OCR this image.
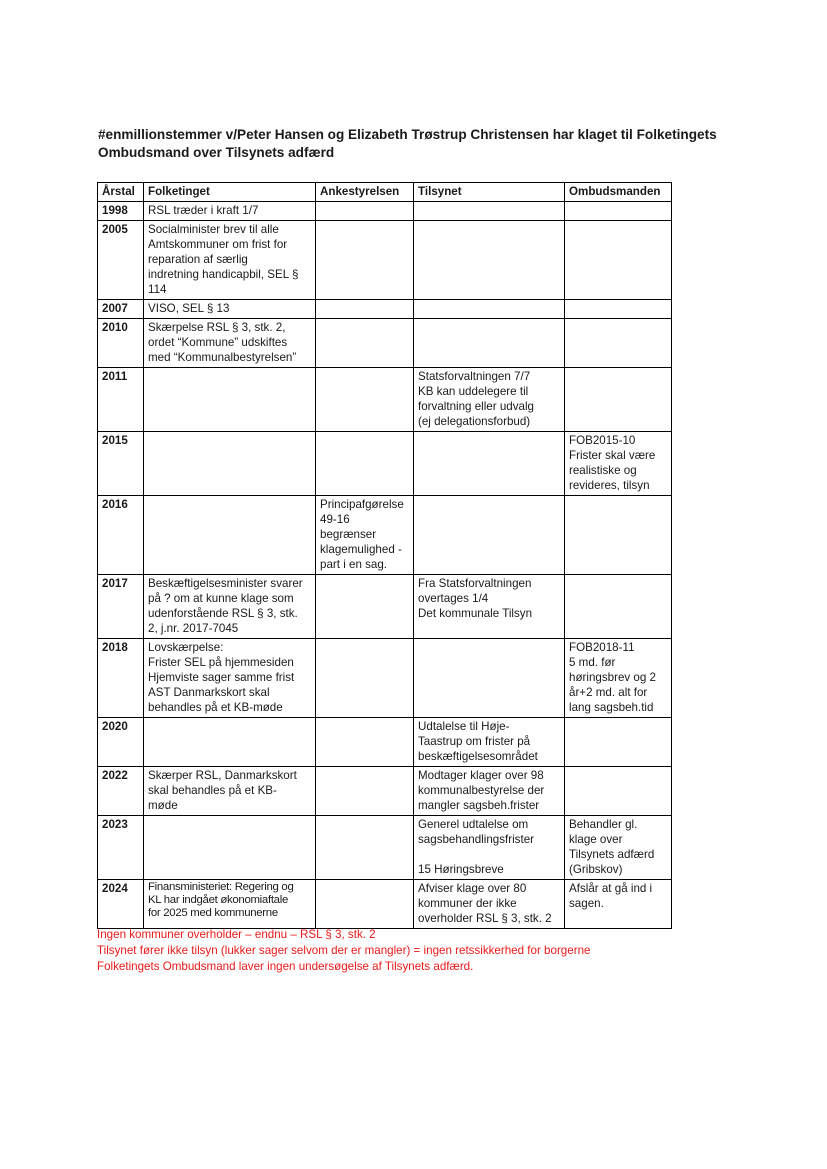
#enmillionstemmer v/Peter Hansen og Elizabeth Trøstrup Christensen har klaget til Folketingets Ombudsmand over Tilsynets adfærd
Årstal	Folketinget	Ankestyrelsen	Tilsynet	Ombudsmanden
1998	RSL træder i kraft 1/7			

2005	Socialminister brev til alle
Amtskommuner om frist for
reparation af særlig
indretning handicapbil, SEL §
114			

2007	VISO, SEL § 13			

2010	Skærpelse RSL § 3, stk. 2,
ordet “Kommune” udskiftes
med “Kommunalbestyrelsen”			

2011			Statsforvaltningen 7/7
KB kan uddelegere til
forvaltning eller udvalg
(ej delegationsforbud)	

2015				FOB2015-10
Frister skal være
realistiske og
revideres, tilsyn

2016		Principafgørelse
49-16
begrænser
klagemulighed -
part i en sag.		

2017	Beskæftigelsesminister svarer
på ? om at kunne klage som
udenforstående RSL § 3, stk.
2, j.nr. 2017-7045		Fra Statsforvaltningen
overtages 1/4
Det kommunale Tilsyn	

2018	Lovskærpelse:
Frister SEL på hjemmesiden
Hjemviste sager samme frist
AST Danmarkskort skal
behandles på et KB-møde			FOB2018-11
5 md. før
høringsbrev og 2
år+2 md. alt for
lang sagsbeh.tid

2020			Udtalelse til Høje-
Taastrup om frister på
beskæftigelsesområdet	

2022	Skærper RSL, Danmarkskort
skal behandles på et KB-
møde		Modtager klager over 98
kommunalbestyrelse der
mangler sagsbeh.frister	

2023			Generel udtalelse om
sagsbehandlingsfrister
15 Høringsbreve	Behandler gl.
klage over
Tilsynets adfærd
(Gribskov)

2024	Finansministeriet: Regering og
KL har indgået økonomiaftale
for 2025 med kommunerne		Afviser klage over 80
kommuner der ikke
overholder RSL § 3, stk. 2	Afslår at gå ind i
sagen.
Ingen kommuner overholder – endnu – RSL § 3, stk. 2
Tilsynet fører ikke tilsyn (lukker sager selvom der er mangler) = ingen retssikkerhed for borgerne
Folketingets Ombudsmand laver ingen undersøgelse af Tilsynets adfærd.
